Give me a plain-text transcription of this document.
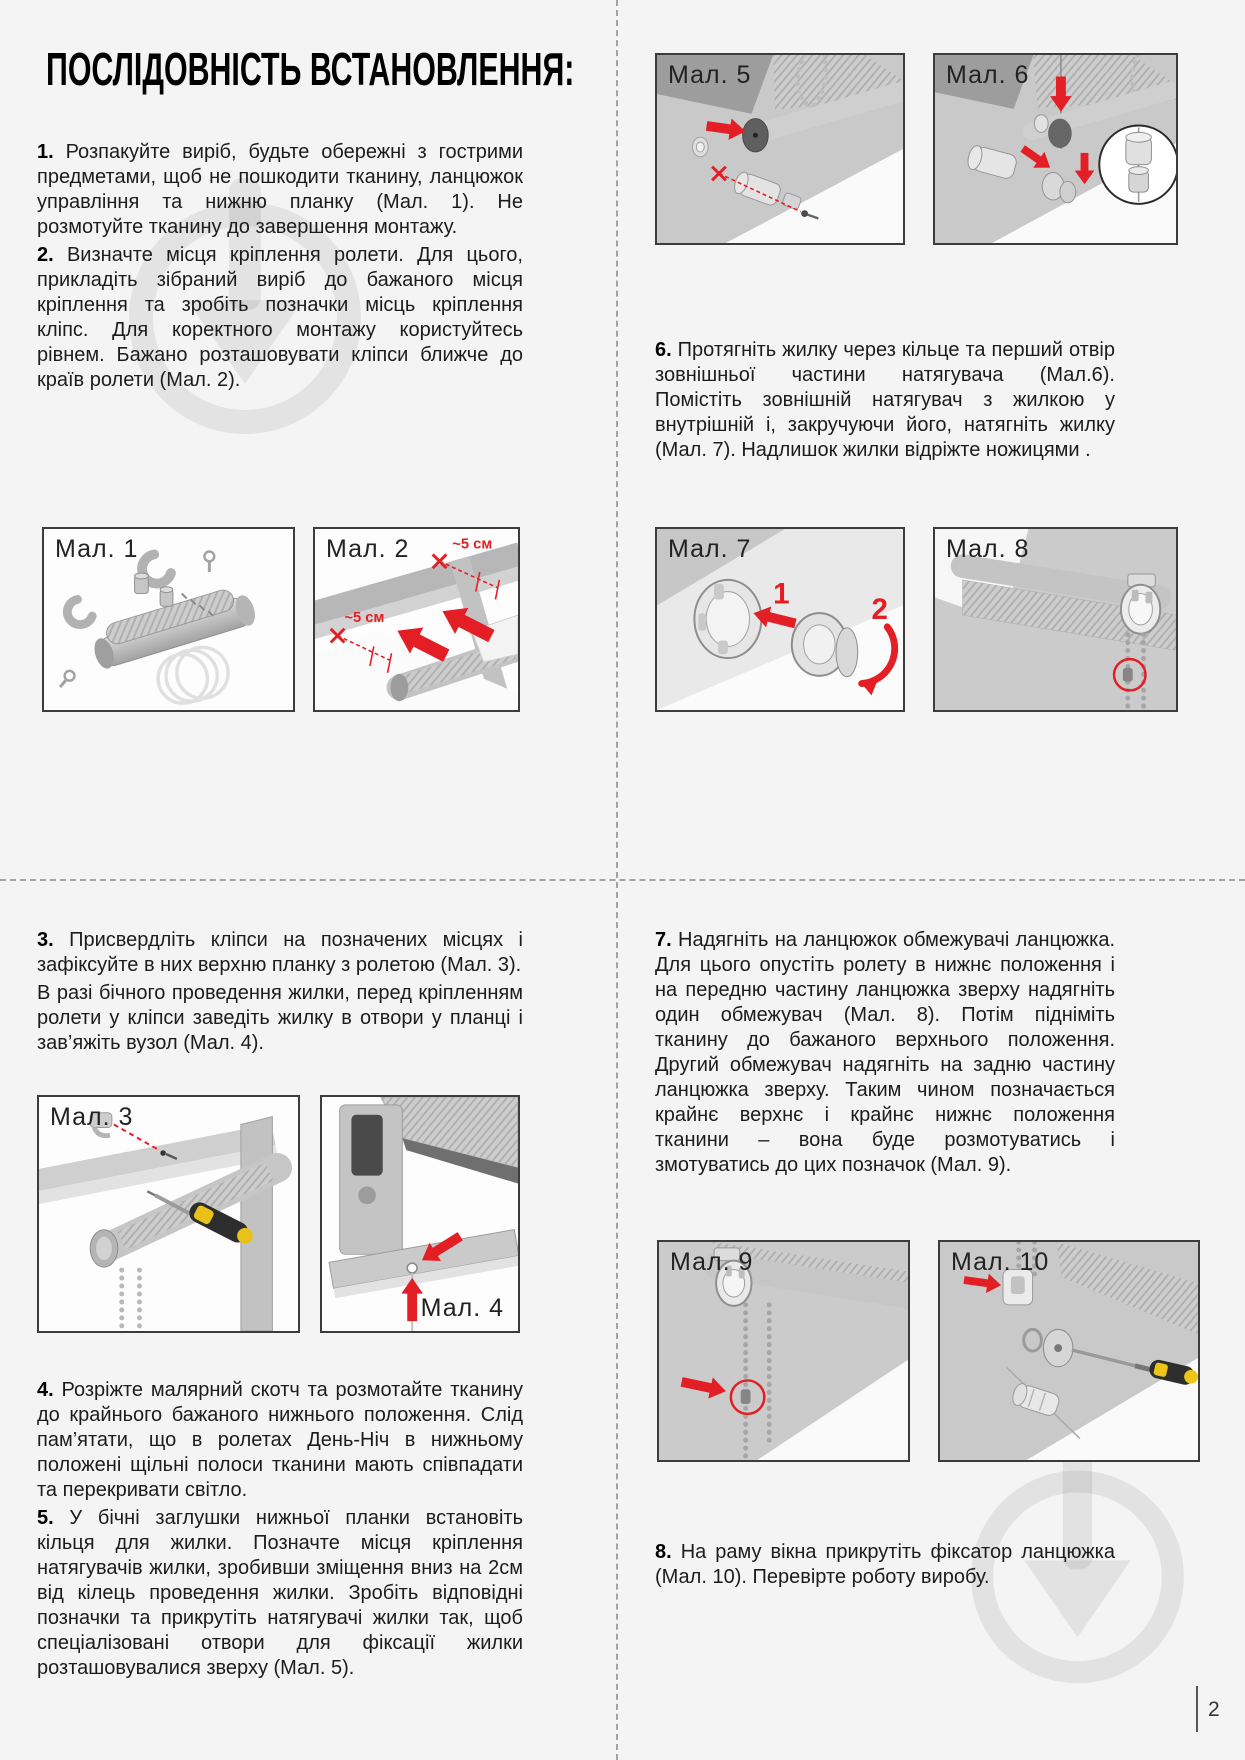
ПОСЛІДОВНІСТЬ ВСТАНОВЛЕННЯ:

1. Розпакуйте виріб, будьте обережні з гострими предметами, щоб не пошкодити тканину, ланцюжок управління та нижню планку (Мал. 1). Не розмотуйте тканину до завершення монтажу.

2. Визначте місця кріплення ролети. Для цього, прикладіть зібраний виріб до бажаного місця кріплення та зробіть позначки місць кріплення кліпс. Для коректного монтажу користуйтесь рівнем. Бажано розташовувати кліпси ближче до країв ролети (Мал. 2).

6. Протягніть жилку через кільце та перший отвір зовнішньої частини натягувача (Мал.6). Помістіть зовнішній натягувач з жилкою у внутрішній і, закручуючи його, натягніть жилку (Мал. 7). Надлишок жилки відріжте ножицями .

3. Присвердліть кліпси на позначених місцях і зафіксуйте в них верхню планку з ролетою (Мал. 3).

В разі бічного проведення жилки, перед кріпленням ролети у кліпси заведіть жилку в отвори у планці і зав’яжіть вузол (Мал. 4).

4. Розріжте малярний скотч та розмотайте тканину до крайнього бажаного нижнього положення. Слід пам’ятати, що в ролетах День-Ніч в нижньому положені щільні полоси тканини мають співпадати та перекривати світло.

5. У бічні заглушки нижньої планки встановіть кільця для жилки. Позначте місця кріплення натягувачів жилки, зробивши зміщення вниз на 2см від кілець проведення жилки. Зробіть відповідні позначки та прикрутіть натягувачі жилки так, щоб спеціалізовані отвори для фіксації жилки розташовувалися зверху (Мал. 5).

7. Надягніть на ланцюжок обмежувачі ланцюжка. Для цього опустіть ролету в нижнє положення і на передню частину ланцюжка зверху надягніть один обмежувач (Мал. 8). Потім підніміть тканину до бажаного верхнього положення. Другий обмежувач надягніть на задню частину ланцюжка зверху. Таким чином позначається крайнє верхнє і крайнє нижнє положення тканини – вона буде розмотуватись і змотуватись до цих позначок (Мал. 9).

8. На раму вікна прикрутіть фіксатор ланцюжка (Мал. 10). Перевірте роботу виробу.

Мал. 1
~5 см
~5 см
Мал. 2
Мал. 5	Мал. 6
1	2
Мал. 7	Мал. 8
Мал. 3
Мал. 4
Мал. 9	Мал. 10
2
